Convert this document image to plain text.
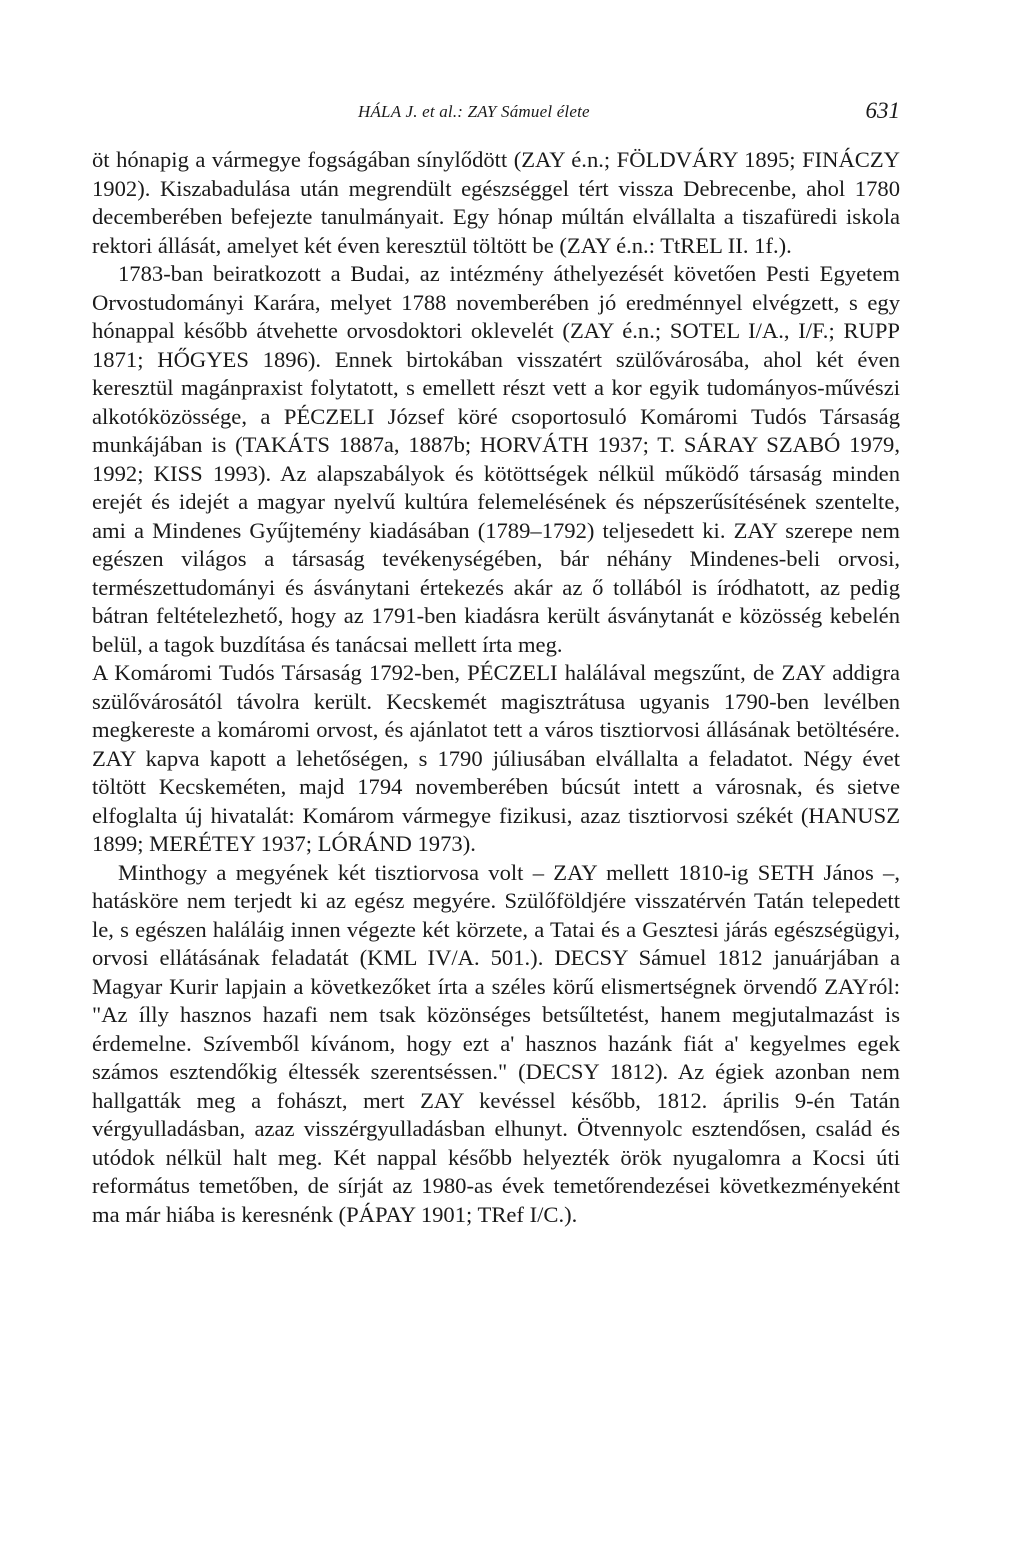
HÁLA J. et al.: ZAY Sámuel élete	631

öt hónapig a vármegye fogságában sínylődött (ZAY é.n.; FÖLDVÁRY 1895; FINÁCZY 1902). Kiszabadulása után megrendült egészséggel tért vissza Debrecenbe, ahol 1780 decemberében befejezte tanulmányait. Egy hónap múltán elvállalta a tiszafüredi iskola rektori állását, amelyet két éven keresztül töltött be (ZAY é.n.: TtREL II. 1f.).

1783-ban beiratkozott a Budai, az intézmény áthelyezését követően Pesti Egyetem Orvostudományi Karára, melyet 1788 novemberében jó eredménnyel elvégzett, s egy hónappal később átvehette orvosdoktori oklevelét (ZAY é.n.; SOTEL I/A., I/F.; RUPP 1871; HŐGYES 1896). Ennek birtokában visszatért szülővárosába, ahol két éven keresztül magánpraxist folytatott, s emellett részt vett a kor egyik tudományos-művészi alkotóközössége, a PÉCZELI József köré csoportosuló Komáromi Tudós Társaság munkájában is (TAKÁTS 1887a, 1887b; HORVÁTH 1937; T. SÁRAY SZABÓ 1979, 1992; KISS 1993). Az alapszabályok és kötöttségek nélkül működő társaság minden erejét és idejét a magyar nyelvű kultúra felemelésének és népszerűsítésének szentelte, ami a Mindenes Gyűjtemény kiadásában (1789–1792) teljesedett ki. ZAY szerepe nem egészen világos a társaság tevékenységében, bár néhány Mindenes-beli orvosi, természettudományi és ásványtani értekezés akár az ő tollából is íródhatott, az pedig bátran feltételezhető, hogy az 1791-ben kiadásra került ásványtanát e közösség kebelén belül, a tagok buzdítása és tanácsai mellett írta meg.

A Komáromi Tudós Társaság 1792-ben, PÉCZELI halálával megszűnt, de ZAY addigra szülővárosától távolra került. Kecskemét magisztrátusa ugyanis 1790-ben levélben megkereste a komáromi orvost, és ajánlatot tett a város tisztiorvosi állásának betöltésére. ZAY kapva kapott a lehetőségen, s 1790 júliusában elvállalta a feladatot. Négy évet töltött Kecskeméten, majd 1794 novemberében búcsút intett a városnak, és sietve elfoglalta új hivatalát: Komárom vármegye fizikusi, azaz tisztiorvosi székét (HANUSZ 1899; MERÉTEY 1937; LÓRÁND 1973).

Minthogy a megyének két tisztiorvosa volt – ZAY mellett 1810-ig SETH János –, hatásköre nem terjedt ki az egész megyére. Szülőföldjére visszatérvén Tatán telepedett le, s egészen haláláig innen végezte két körzete, a Tatai és a Gesztesi járás egészségügyi, orvosi ellátásának feladatát (KML IV/A. 501.). DECSY Sámuel 1812 januárjában a Magyar Kurir lapjain a következőket írta a széles körű elismertségnek örvendő ZAYról: "Az ílly hasznos hazafi nem tsak közönséges betsűltetést, hanem megjutalmazást is érdemelne. Szívemből kívánom, hogy ezt a' hasznos hazánk fiát a' kegyelmes egek számos esztendőkig éltessék szerentséssen." (DECSY 1812). Az égiek azonban nem hallgatták meg a fohászt, mert ZAY kevéssel később, 1812. április 9-én Tatán vérgyulladásban, azaz visszérgyulladásban elhunyt. Ötvennyolc esztendősen, család és utódok nélkül halt meg. Két nappal később helyezték örök nyugalomra a Kocsi úti református temetőben, de sírját az 1980-as évek temetőrendezései következményeként ma már hiába is keresnénk (PÁPAY 1901; TRef I/C.).
